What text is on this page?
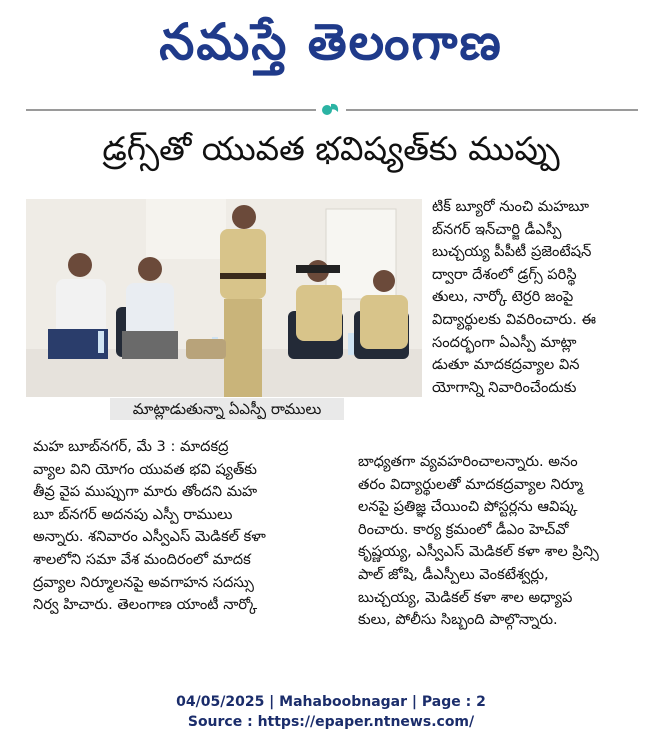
నమస్తే తెలంగాణ
డ్రగ్స్‌తో యువత భవిష్యత్‌కు ముప్పు
మాట్లాడుతున్నా ఏఎస్పీ రాములు
టిక్ బ్యూరో నుంచి మహబూ
బ్‌నగర్ ఇన్‌చార్జి డీఎస్పీ
బుచ్చయ్య పీపీటీ ప్రజెంటేషన్
ద్వారా దేశంలో డ్రగ్స్ పరిస్థి
తులు, నార్కో టెర్రరి జంపై
విద్యార్థులకు వివరించారు. ఈ
సందర్భంగా ఏఎస్పీ మాట్లా
డుతూ మాదకద్రవ్యాల విన
యోగాన్ని నివారించేందుకు
మహ బూబ్‌నగర్, మే 3 : మాదకద్ర
వ్యాల విని యోగం యువత భవి ష్యత్‌కు
తీవ్ర వైప ముప్పుగా మారు తోందని మహ
బూ బ్‌నగర్ అదనపు ఎస్పీ రాములు
అన్నారు. శనివారం ఎస్వీఎస్ మెడికల్ కళా
శాలలోని సమా వేశ మందిరంలో మాదక
ద్రవ్యాల నిర్మూలనపై అవగాహన సదస్సు
నిర్వ హిచారు. తెలంగాణ యాంటీ నార్కో
బాధ్యతగా వ్యవహరించాలన్నారు. అనం
తరం విద్యార్థులతో మాదకద్రవ్యాల నిర్మూ
లనపై ప్రతిజ్ఞ చేయించి పోస్టర్లను ఆవిష్క
రించారు. కార్య క్రమంలో డీఎం హెచ్‌వో
కృష్ణయ్య, ఎస్వీఎస్ మెడికల్ కళా శాల ప్రిన్సి
పాల్ జోషి, డీఎస్పీలు వెంకటేశ్వర్లు,
బుచ్చయ్య, మెడికల్ కళా శాల అధ్యాప
కులు, పోలీసు సిబ్బంది పాల్గొన్నారు.
04/05/2025 | Mahaboobnagar | Page : 2
Source : https://epaper.ntnews.com/
